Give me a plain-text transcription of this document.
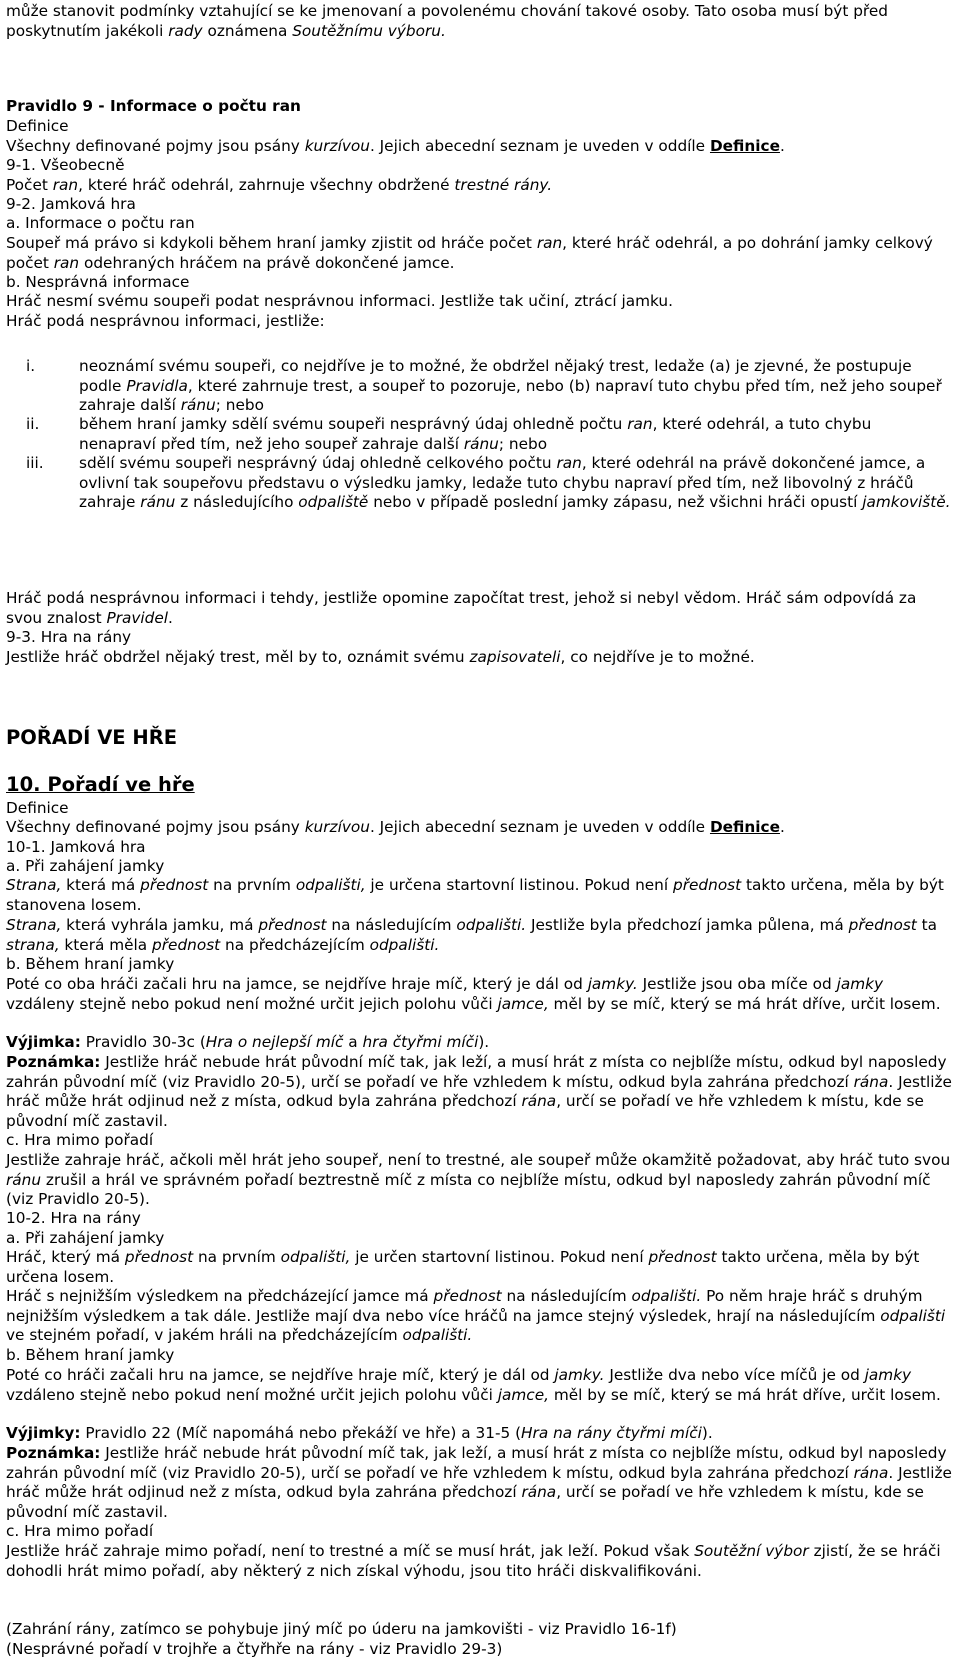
může stanovit podmínky vztahující se ke jmenovaní a povolenému chování takové osoby. Tato osoba musí být před poskytnutím jakékoli rady oznámena Soutěžnímu výboru.

Pravidlo 9 - Informace o počtu ran

Definice

Všechny definované pojmy jsou psány kurzívou. Jejich abecední seznam je uveden v oddíle Definice.

9-1. Všeobecně

Počet ran, které hráč odehrál, zahrnuje všechny obdržené trestné rány.

9-2. Jamková hra

a. Informace o počtu ran

Soupeř má právo si kdykoli během hraní jamky zjistit od hráče počet ran, které hráč odehrál, a po dohrání jamky celkový počet ran odehraných hráčem na právě dokončené jamce.

b. Nesprávná informace

Hráč nesmí svému soupeři podat nesprávnou informaci. Jestliže tak učiní, ztrácí jamku.

Hráč podá nesprávnou informaci, jestliže:

i.	neoznámí svému soupeři, co nejdříve je to možné, že obdržel nějaký trest, ledaže (a) je zjevné, že postupuje podle Pravidla, které zahrnuje trest, a soupeř to pozoruje, nebo (b) napraví tuto chybu před tím, než jeho soupeř zahraje další ránu; nebo
ii.	během hraní jamky sdělí svému soupeři nesprávný údaj ohledně počtu ran, které odehrál, a tuto chybu nenapraví před tím, než jeho soupeř zahraje další ránu; nebo
iii.	sdělí svému soupeři nesprávný údaj ohledně celkového počtu ran, které odehrál na právě dokončené jamce, a ovlivní tak soupeřovu představu o výsledku jamky, ledaže tuto chybu napraví před tím, než libovolný z hráčů zahraje ránu z následujícího odpaliště nebo v případě poslední jamky zápasu, než všichni hráči opustí jamkoviště.

Hráč podá nesprávnou informaci i tehdy, jestliže opomine započítat trest, jehož si nebyl vědom. Hráč sám odpovídá za svou znalost Pravidel.

9-3. Hra na rány

Jestliže hráč obdržel nějaký trest, měl by to, oznámit svému zapisovateli, co nejdříve je to možné.

POŘADÍ VE HŘE

10. Pořadí ve hře

Definice

Všechny definované pojmy jsou psány kurzívou. Jejich abecední seznam je uveden v oddíle Definice.

10-1. Jamková hra

a. Při zahájení jamky

Strana, která má přednost na prvním odpališti, je určena startovní listinou. Pokud není přednost takto určena, měla by být stanovena losem.

Strana, která vyhrála jamku, má přednost na následujícím odpališti. Jestliže byla předchozí jamka půlena, má přednost ta strana, která měla přednost na předcházejícím odpališti.

b. Během hraní jamky

Poté co oba hráči začali hru na jamce, se nejdříve hraje míč, který je dál od jamky. Jestliže jsou oba míče od jamky vzdáleny stejně nebo pokud není možné určit jejich polohu vůči jamce, měl by se míč, který se má hrát dříve, určit losem.

Výjimka: Pravidlo 30-3c (Hra o nejlepší míč a hra čtyřmi míči).

Poznámka: Jestliže hráč nebude hrát původní míč tak, jak leží, a musí hrát z místa co nejblíže místu, odkud byl naposledy zahrán původní míč (viz Pravidlo 20-5), určí se pořadí ve hře vzhledem k místu, odkud byla zahrána předchozí rána. Jestliže hráč může hrát odjinud než z místa, odkud byla zahrána předchozí rána, určí se pořadí ve hře vzhledem k místu, kde se původní míč zastavil.

c. Hra mimo pořadí

Jestliže zahraje hráč, ačkoli měl hrát jeho soupeř, není to trestné, ale soupeř může okamžitě požadovat, aby hráč tuto svou ránu zrušil a hrál ve správném pořadí beztrestně míč z místa co nejblíže místu, odkud byl naposledy zahrán původní míč (viz Pravidlo 20-5).

10-2. Hra na rány

a. Při zahájení jamky

Hráč, který má přednost na prvním odpališti, je určen startovní listinou. Pokud není přednost takto určena, měla by být určena losem.

Hráč s nejnižším výsledkem na předcházející jamce má přednost na následujícím odpališti. Po něm hraje hráč s druhým nejnižším výsledkem a tak dále. Jestliže mají dva nebo více hráčů na jamce stejný výsledek, hrají na následujícím odpališti ve stejném pořadí, v jakém hráli na předcházejícím odpališti.

b. Během hraní jamky

Poté co hráči začali hru na jamce, se nejdříve hraje míč, který je dál od jamky. Jestliže dva nebo více míčů je od jamky vzdáleno stejně nebo pokud není možné určit jejich polohu vůči jamce, měl by se míč, který se má hrát dříve, určit losem.

Výjimky: Pravidlo 22 (Míč napomáhá nebo překáží ve hře) a 31-5 (Hra na rány čtyřmi míči).

Poznámka: Jestliže hráč nebude hrát původní míč tak, jak leží, a musí hrát z místa co nejblíže místu, odkud byl naposledy zahrán původní míč (viz Pravidlo 20-5), určí se pořadí ve hře vzhledem k místu, odkud byla zahrána předchozí rána. Jestliže hráč může hrát odjinud než z místa, odkud byla zahrána předchozí rána, určí se pořadí ve hře vzhledem k místu, kde se původní míč zastavil.

c. Hra mimo pořadí

Jestliže hráč zahraje mimo pořadí, není to trestné a míč se musí hrát, jak leží. Pokud však Soutěžní výbor zjistí, že se hráči dohodli hrát mimo pořadí, aby některý z nich získal výhodu, jsou tito hráči diskvalifikováni.

(Zahrání rány, zatímco se pohybuje jiný míč po úderu na jamkovišti - viz Pravidlo 16-1f)

(Nesprávné pořadí v trojhře a čtyřhře na rány - viz Pravidlo 29-3)
